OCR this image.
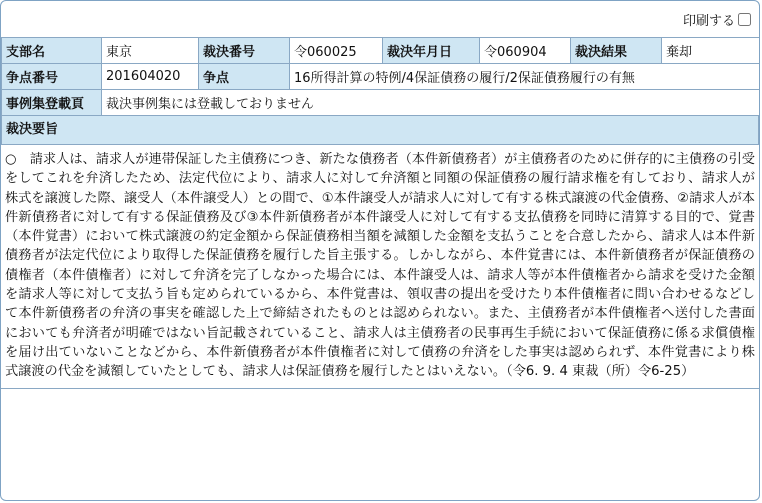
印刷する
支部名	東京	裁決番号	令060025	裁決年月日	令060904	裁決結果	棄却
争点番号	201604020	争点	16所得計算の特例/4保証債務の履行/2保証債務履行の有無				
事例集登載頁	裁決事例集には登載しておりません						
裁決要旨
○　請求人は、請求人が連帯保証した主債務につき、新たな債務者（本件新債務者）が主債務者のために併存的に主債務の引受をしてこれを弁済したため、法定代位により、請求人に対して弁済額と同額の保証債務の履行請求権を有しており、請求人が株式を譲渡した際、譲受人（本件譲受人）との間で、①本件譲受人が請求人に対して有する株式譲渡の代金債務、②請求人が本件新債務者に対して有する保証債務及び③本件新債務者が本件譲受人に対して有する支払債務を同時に清算する目的で、覚書（本件覚書）において株式譲渡の約定金額から保証債務相当額を減額した金額を支払うことを合意したから、請求人は本件新債務者が法定代位により取得した保証債務を履行した旨主張する。しかしながら、本件覚書には、本件新債務者が保証債務の債権者（本件債権者）に対して弁済を完了しなかった場合には、本件譲受人は、請求人等が本件債権者から請求を受けた金額を請求人等に対して支払う旨も定められているから、本件覚書は、領収書の提出を受けたり本件債権者に問い合わせるなどして本件新債務者の弁済の事実を確認した上で締結されたものとは認められない。また、主債務者が本件債権者へ送付した書面においても弁済者が明確ではない旨記載されていること、請求人は主債務者の民事再生手続において保証債務に係る求償債権を届け出ていないことなどから、本件新債務者が本件債権者に対して債務の弁済をした事実は認められず、本件覚書により株式譲渡の代金を減額していたとしても、請求人は保証債務を履行したとはいえない。（令6. 9. 4 東裁（所）令6-25）
